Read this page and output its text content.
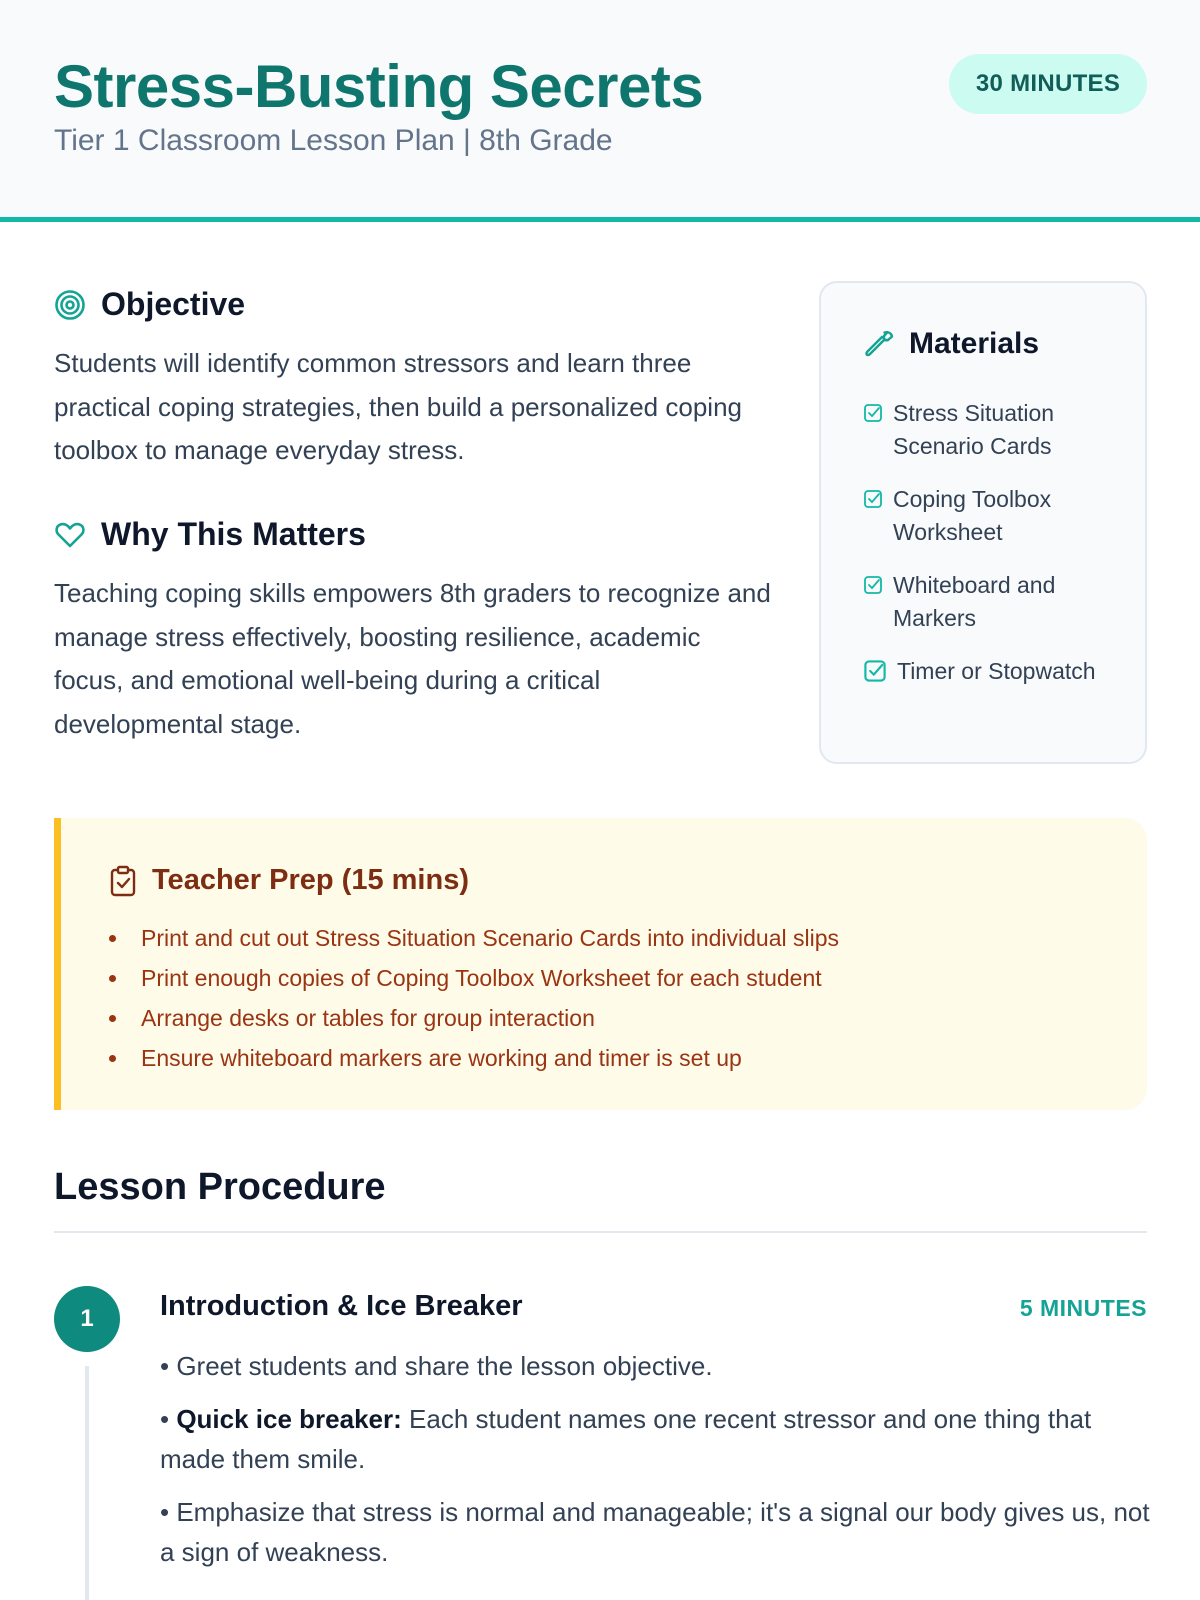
Stress-Busting Secrets
Tier 1 Classroom Lesson Plan | 8th Grade
30 MINUTES
Objective
Students will identify common stressors and learn three practical coping strategies, then build a personalized coping toolbox to manage everyday stress.
Why This Matters
Teaching coping skills empowers 8th graders to recognize and manage stress effectively, boosting resilience, academic focus, and emotional well-being during a critical developmental stage.
Materials
Stress Situation Scenario Cards
Coping Toolbox Worksheet
Whiteboard and Markers
Timer or Stopwatch
Teacher Prep (15 mins)
Print and cut out Stress Situation Scenario Cards into individual slips
Print enough copies of Coping Toolbox Worksheet for each student
Arrange desks or tables for group interaction
Ensure whiteboard markers are working and timer is set up
Lesson Procedure
1	Introduction & Ice Breaker	5 MINUTES
• Greet students and share the lesson objective.
• Quick ice breaker: Each student names one recent stressor and one thing that made them smile.
• Emphasize that stress is normal and manageable; it's a signal our body gives us, not a sign of weakness.
